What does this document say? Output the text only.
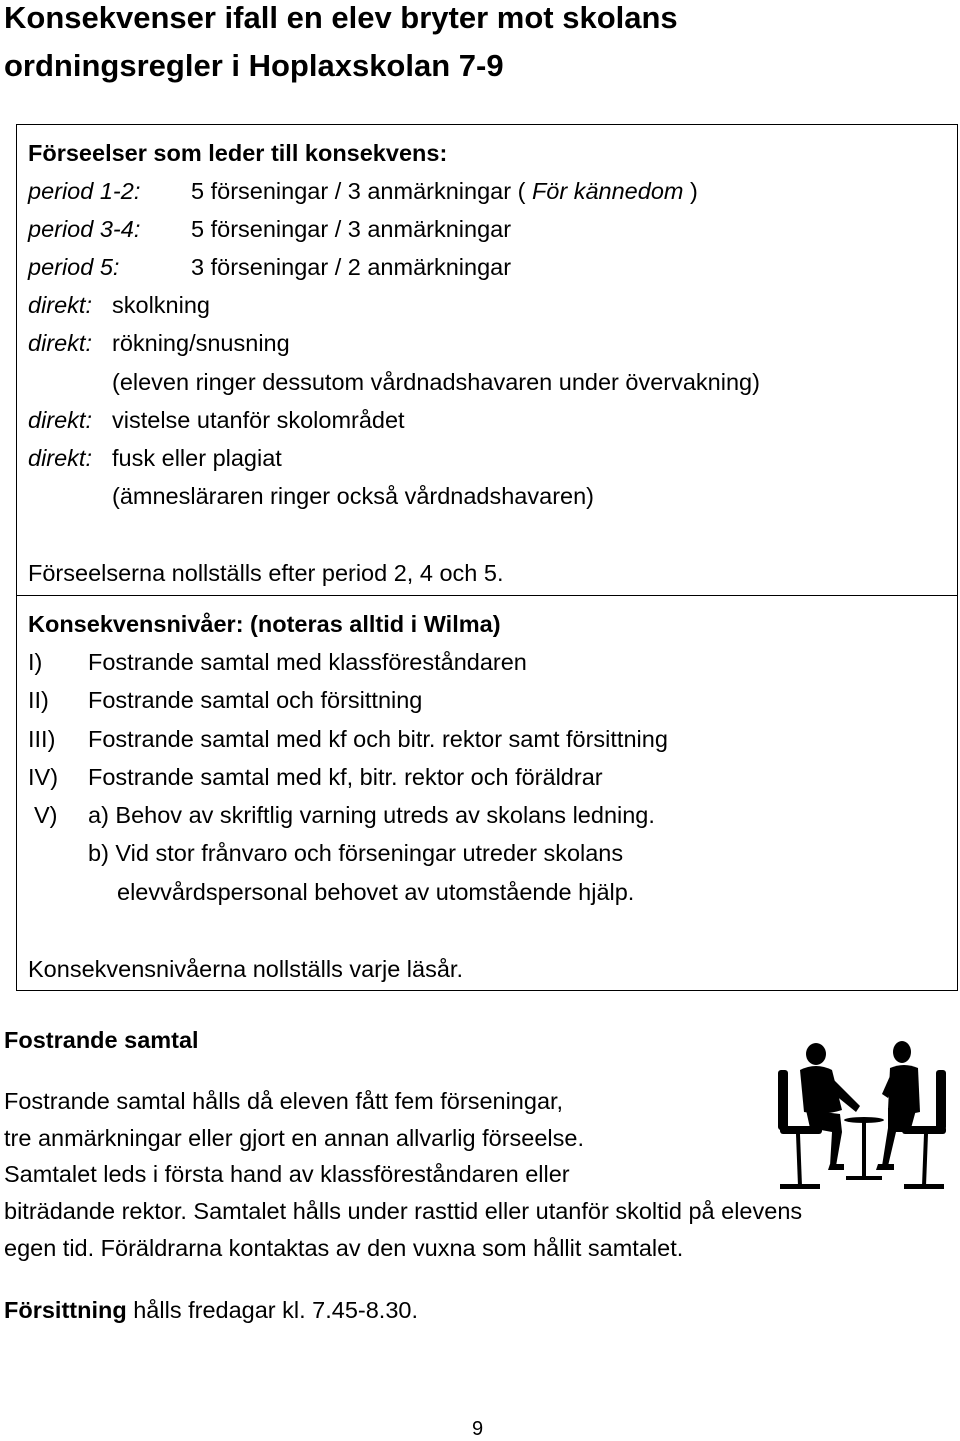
Konsekvenser ifall en elev bryter mot skolans
ordningsregler i Hoplaxskolan 7-9
Förseelser som leder till konsekvens:
period 1-2: 5 förseningar / 3 anmärkningar ( För kännedom )
period 3-4: 5 förseningar / 3 anmärkningar
period 5:	3 förseningar / 2 anmärkningar
direkt: skolkning
direkt: rökning/snusning
(eleven ringer dessutom vårdnadshavaren under övervakning)
direkt: vistelse utanför skolområdet
direkt: fusk eller plagiat
(ämnesläraren ringer också vårdnadshavaren)
Förseelserna nollställs efter period 2, 4 och 5.
Konsekvensnivåer: (noteras alltid i Wilma)
I) Fostrande samtal med klassföreståndaren
II) Fostrande samtal och försittning
III) Fostrande samtal med kf och bitr. rektor samt försittning
IV) Fostrande samtal med kf, bitr. rektor och föräldrar
V) a) Behov av skriftlig varning utreds av skolans ledning.
b) Vid stor frånvaro och förseningar utreder skolans
elevvårdspersonal behovet av utomstående hjälp.
Konsekvensnivåerna nollställs varje läsår.
Fostrande samtal
Fostrande samtal hålls då eleven fått fem förseningar,
tre anmärkningar eller gjort en annan allvarlig förseelse.
Samtalet leds i första hand av klassföreståndaren eller
biträdande rektor. Samtalet hålls under rasttid eller utanför skoltid på elevens
egen tid. Föräldrarna kontaktas av den vuxna som hållit samtalet.
Försittning hålls fredagar kl. 7.45-8.30.
9
